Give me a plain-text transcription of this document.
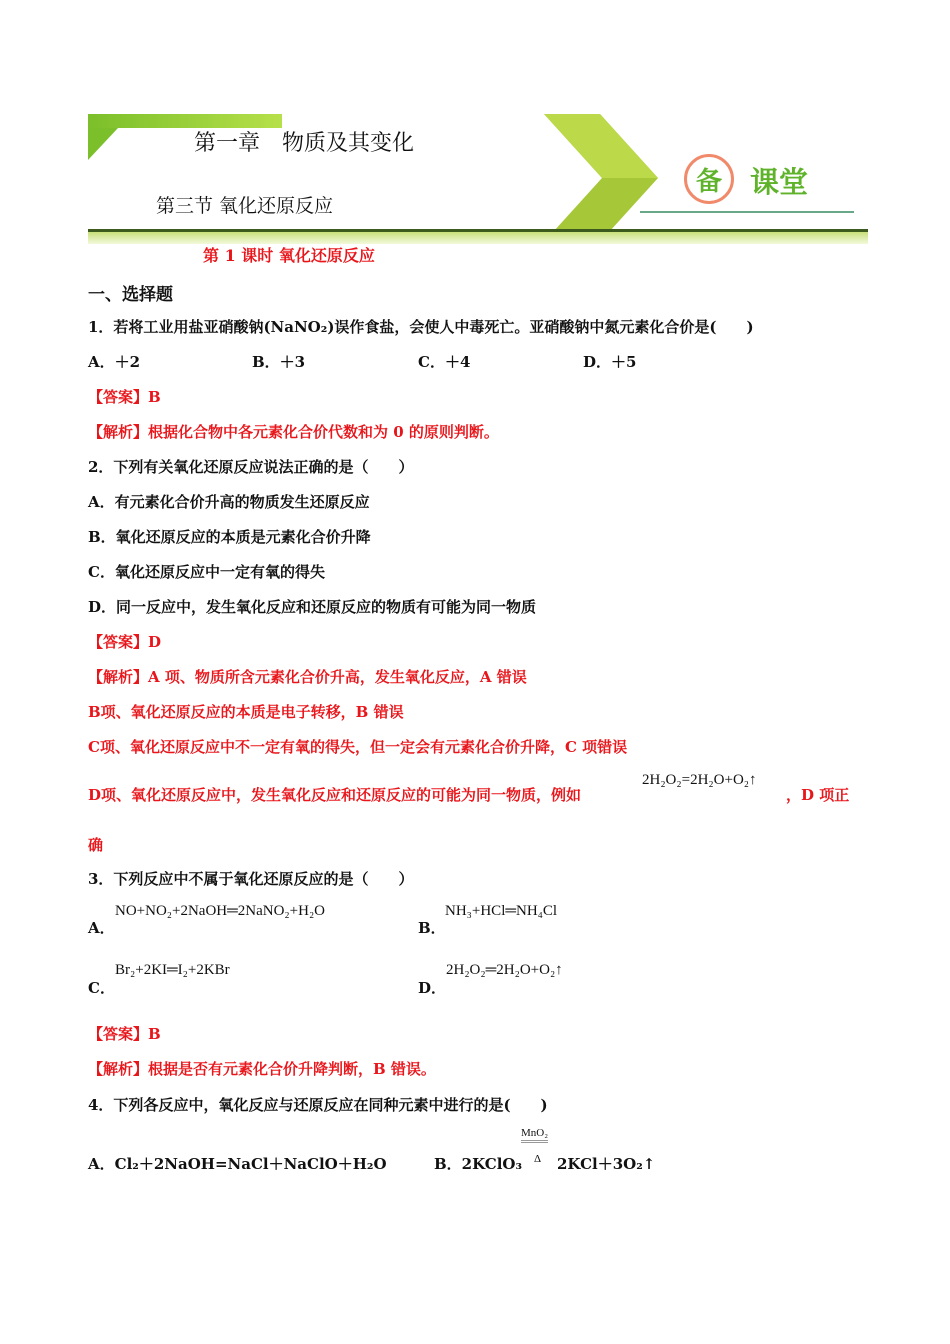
备 课堂
第一章　物质及其变化
第三节 氧化还原反应
第 1 课时 氧化还原反应
一、选择题
1．若将工业用盐亚硝酸钠(NaNO₂)误作食盐，会使人中毒死亡。亚硝酸钠中氮元素化合价是(　　)
A．＋2	B．＋3	C．＋4	D．＋5
【答案】B
【解析】根据化合物中各元素化合价代数和为 0 的原则判断。
2．下列有关氧化还原反应说法正确的是（　　）
A．有元素化合价升高的物质发生还原反应
B．氧化还原反应的本质是元素化合价升降
C．氧化还原反应中一定有氧的得失
D．同一反应中，发生氧化反应和还原反应的物质有可能为同一物质
【答案】D
【解析】A 项、物质所含元素化合价升高，发生氧化反应，A 错误
B项、氧化还原反应的本质是电子转移，B 错误
C项、氧化还原反应中不一定有氧的得失，但一定会有元素化合价升降，C 项错误
D项、氧化还原反应中，发生氧化反应和还原反应的可能为同一物质，例如
2H₂O₂=2H₂O+O₂↑
，D 项正
确
3．下列反应中不属于氧化还原反应的是（　　）
A．
NO+NO₂+2NaOH═2NaNO₂+H₂O
B．
NH₃+HCl═NH₄Cl
C．
Br₂+2KI═I₂+2KBr
D．
2H₂O₂═2H₂O+O₂↑
【答案】B
【解析】根据是否有元素化合价升降判断，B 错误。
4．下列各反应中，氧化反应与还原反应在同种元素中进行的是(　　)
A．Cl₂＋2NaOH=NaCl＋NaClO＋H₂O	B．2KClO₃
MnO₂
Δ 2KCl＋3O₂↑
